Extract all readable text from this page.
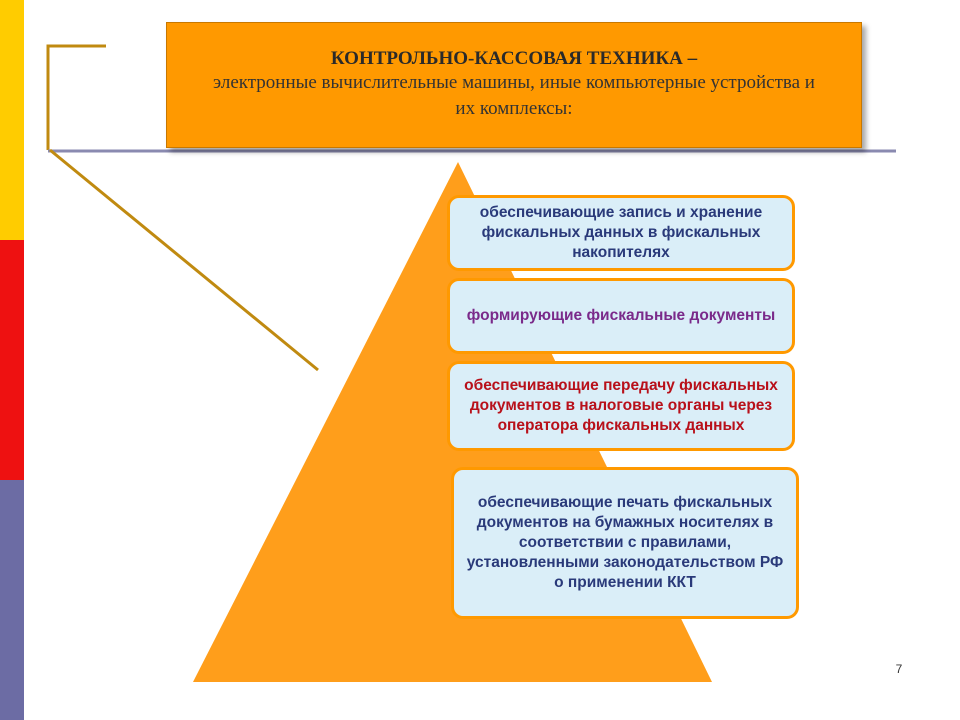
КОНТРОЛЬНО-КАССОВАЯ ТЕХНИКА –
электронные вычислительные машины, иные компьютерные устройства и их комплексы:
обеспечивающие запись и хранение фискальных данных в фискальных накопителях
формирующие фискальные документы
обеспечивающие передачу фискальных документов в налоговые органы через оператора фискальных данных
обеспечивающие печать фискальных документов на бумажных носителях в соответствии с правилами, установленными законодательством РФ о применении ККТ
7
